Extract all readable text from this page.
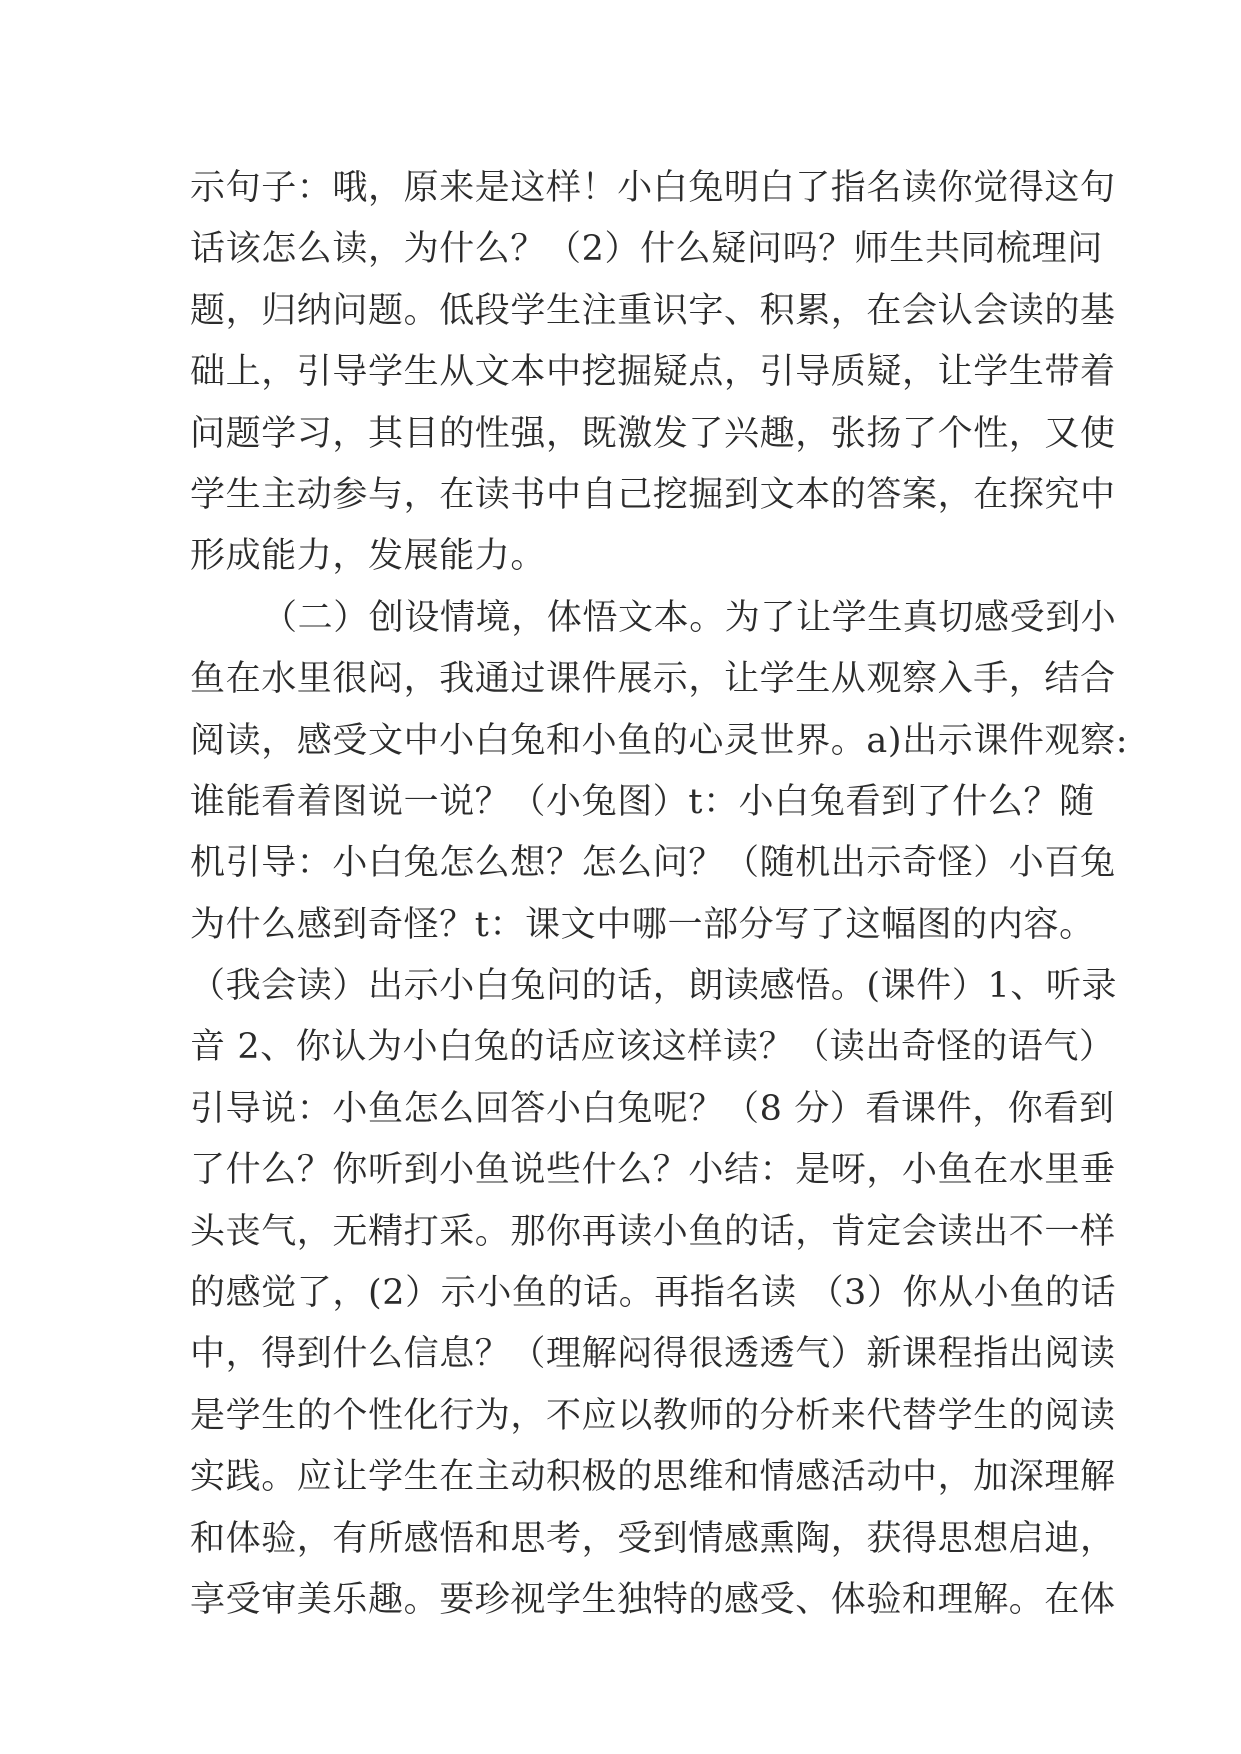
示句子：哦，原来是这样！小白兔明白了指名读你觉得这句
话该怎么读，为什么？（2）什么疑问吗？师生共同梳理问
题，归纳问题。低段学生注重识字、积累，在会认会读的基
础上，引导学生从文本中挖掘疑点，引导质疑，让学生带着
问题学习，其目的性强，既激发了兴趣，张扬了个性，又使
学生主动参与，在读书中自己挖掘到文本的答案，在探究中
形成能力，发展能力。
（二）创设情境，体悟文本。为了让学生真切感受到小
鱼在水里很闷，我通过课件展示，让学生从观察入手，结合
阅读，感受文中小白兔和小鱼的心灵世界。a)出示课件观察:
谁能看着图说一说？（小兔图）t：小白兔看到了什么？随
机引导：小白兔怎么想？怎么问？（随机出示奇怪）小百兔
为什么感到奇怪？t：课文中哪一部分写了这幅图的内容。
（我会读）出示小白兔问的话，朗读感悟。(课件）1、听录
音 2、你认为小白兔的话应该这样读？（读出奇怪的语气）
引导说：小鱼怎么回答小白兔呢？（8 分）看课件，你看到
了什么？你听到小鱼说些什么？小结：是呀，小鱼在水里垂
头丧气，无精打采。那你再读小鱼的话，肯定会读出不一样
的感觉了，(2）示小鱼的话。再指名读 （3）你从小鱼的话
中，得到什么信息？（理解闷得很透透气）新课程指出阅读
是学生的个性化行为，不应以教师的分析来代替学生的阅读
实践。应让学生在主动积极的思维和情感活动中，加深理解
和体验，有所感悟和思考，受到情感熏陶，获得思想启迪，
享受审美乐趣。要珍视学生独特的感受、体验和理解。在体
